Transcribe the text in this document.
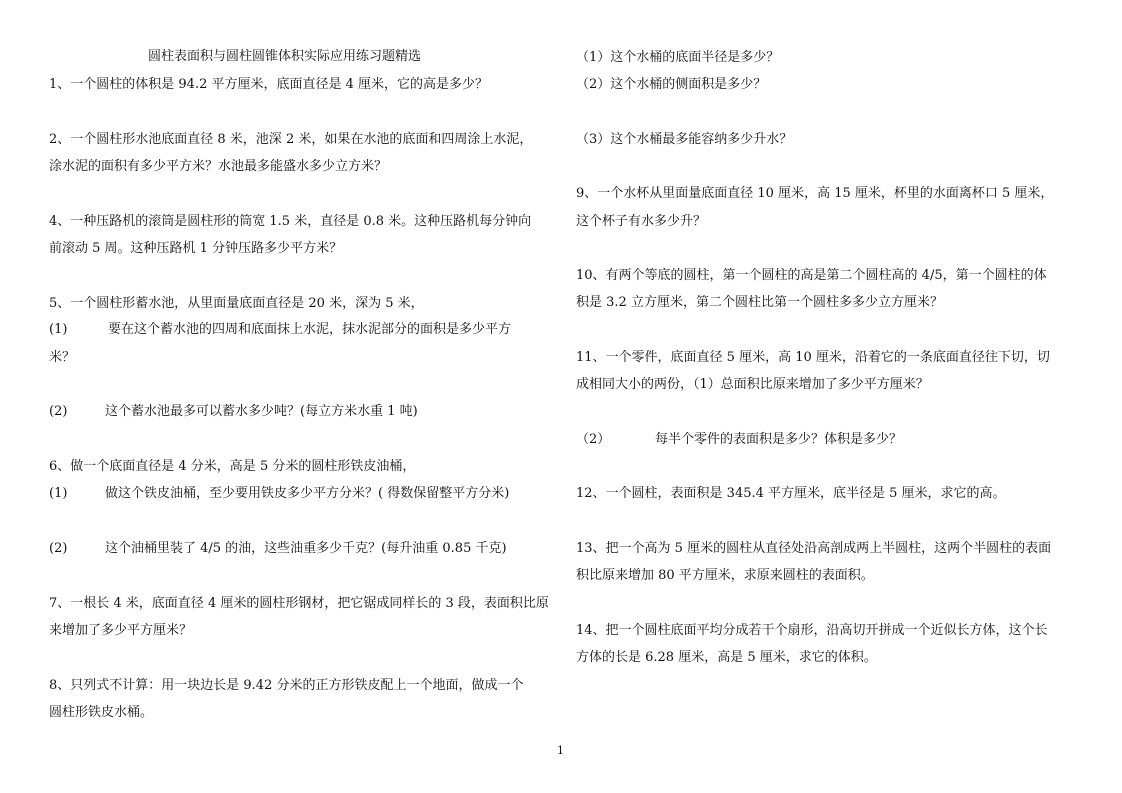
圆柱表面积与圆柱圆锥体积实际应用练习题精选
1、一个圆柱的体积是 94.2 平方厘米，底面直径是 4 厘米，它的高是多少？
2、一个圆柱形水池底面直径 8 米，池深 2 米，如果在水池的底面和四周涂上水泥，
涂水泥的面积有多少平方米？水池最多能盛水多少立方米？
4、一种压路机的滚筒是圆柱形的筒宽 1.5 米，直径是 0.8 米。这种压路机每分钟向
前滚动 5 周。这种压路机 1 分钟压路多少平方米？
5、一个圆柱形蓄水池，从里面量底面直径是 20 米，深为 5 米，
(1)	要在这个蓄水池的四周和底面抹上水泥，抹水泥部分的面积是多少平方
米？
(2)	这个蓄水池最多可以蓄水多少吨？(每立方米水重 1 吨)
6、做一个底面直径是 4 分米，高是 5 分米的圆柱形铁皮油桶，
(1)	做这个铁皮油桶，至少要用铁皮多少平方分米？( 得数保留整平方分米)
(2)	这个油桶里装了 4/5 的油，这些油重多少千克？(每升油重 0.85 千克)
7、一根长 4 米，底面直径 4 厘米的圆柱形钢材，把它锯成同样长的 3 段，表面积比原
来增加了多少平方厘米？
8、只列式不计算：用一块边长是 9.42 分米的正方形铁皮配上一个地面，做成一个
圆柱形铁皮水桶。
（1）这个水桶的底面半径是多少？
（2）这个水桶的侧面积是多少？
（3）这个水桶最多能容纳多少升水？
9、一个水杯从里面量底面直径 10 厘米，高 15 厘米，杯里的水面离杯口 5 厘米，
这个杯子有水多少升？
10、有两个等底的圆柱，第一个圆柱的高是第二个圆柱高的 4/5，第一个圆柱的体
积是 3.2 立方厘米，第二个圆柱比第一个圆柱多多少立方厘米？
11、一个零件，底面直径 5 厘米，高 10 厘米，沿着它的一条底面直径往下切，切
成相同大小的两份，（1）总面积比原来增加了多少平方厘米？
（2）	每半个零件的表面积是多少？体积是多少？
12、一个圆柱，表面积是 345.4 平方厘米，底半径是 5 厘米，求它的高。
13、把一个高为 5 厘米的圆柱从直径处沿高剖成两上半圆柱，这两个半圆柱的表面
积比原来增加 80 平方厘米，求原来圆柱的表面积。
14、把一个圆柱底面平均分成若干个扇形，沿高切开拼成一个近似长方体，这个长
方体的长是 6.28 厘米，高是 5 厘米，求它的体积。
1
